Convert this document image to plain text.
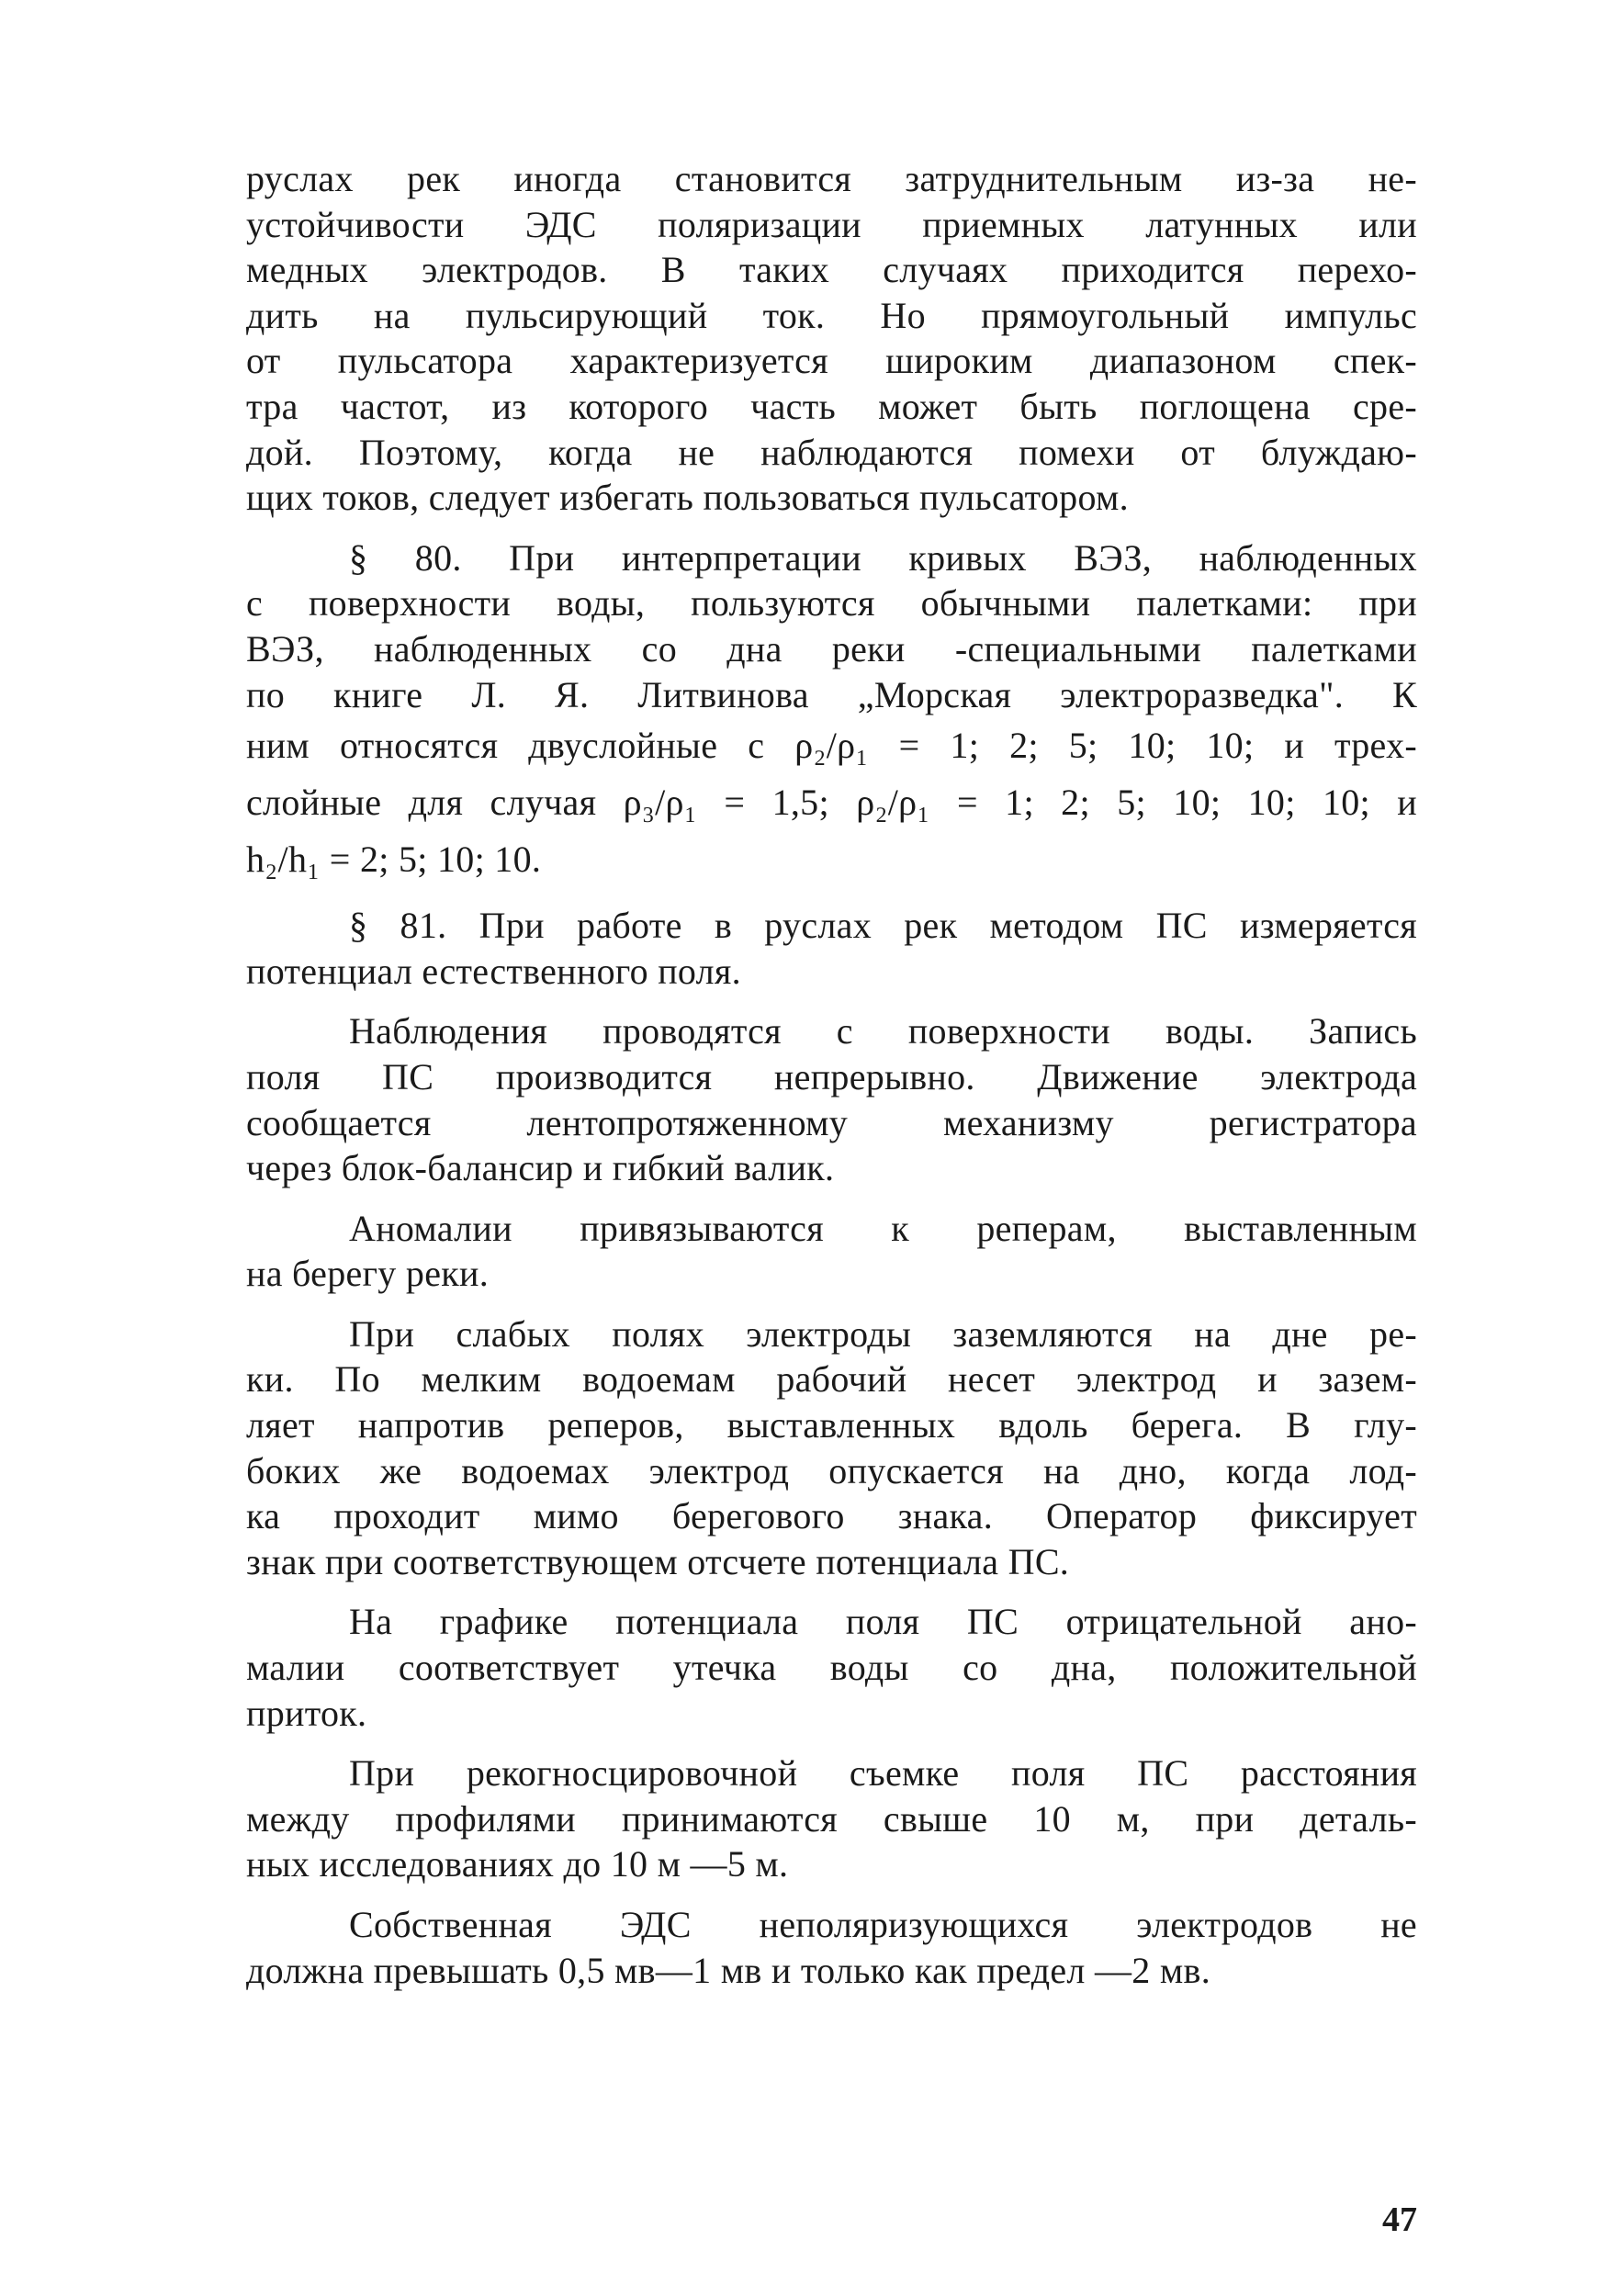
руслах рек иногда становится затруднительным из-за не-
устойчивости ЭДС поляризации приемных латунных или
медных электродов. В таких случаях приходится перехо-
дить на пульсирующий ток. Но прямоугольный импульс
от пульсатора характеризуется широким диапазоном спек-
тра частот, из которого часть может быть поглощена сре-
дой. Поэтому, когда не наблюдаются помехи от блуждаю-
щих токов, следует избегать пользоваться пульсатором.
§ 80. При интерпретации кривых ВЭЗ, наблюденных
с поверхности воды, пользуются обычными палетками: при
ВЭЗ, наблюденных со дна реки -специальными палетками
по книге Л. Я. Литвинова „Морская электроразведка". К
ним относятся двуслойные с ρ₂/ρ₁ = 1; 2; 5; 10; 10; и трех-
слойные для случая ρ₃/ρ₁ = 1,5; ρ₂/ρ₁ = 1; 2; 5; 10; 10; 10; и
h₂/h₁ = 2; 5; 10; 10.
§ 81. При работе в руслах рек методом ПС измеряется
потенциал естественного поля.
Наблюдения проводятся с поверхности воды. Запись
поля ПС производится непрерывно. Движение электрода
сообщается лентопротяженному механизму регистратора
через блок-балансир и гибкий валик.
Аномалии привязываются к реперам, выставленным
на берегу реки.
При слабых полях электроды заземляются на дне ре-
ки. По мелким водоемам рабочий несет электрод и зазем-
ляет напротив реперов, выставленных вдоль берега. В глу-
боких же водоемах электрод опускается на дно, когда лод-
ка проходит мимо берегового знака. Оператор фиксирует
знак при соответствующем отсчете потенциала ПС.
На графике потенциала поля ПС отрицательной ано-
малии соответствует утечка воды со дна, положительной
приток.
При рекогносцировочной съемке поля ПС расстояния
между профилями принимаются свыше 10 м, при деталь-
ных исследованиях до 10 м —5 м.
Собственная ЭДС неполяризующихся электродов не
должна превышать 0,5 мв—1 мв и только как предел —2 мв.
47
